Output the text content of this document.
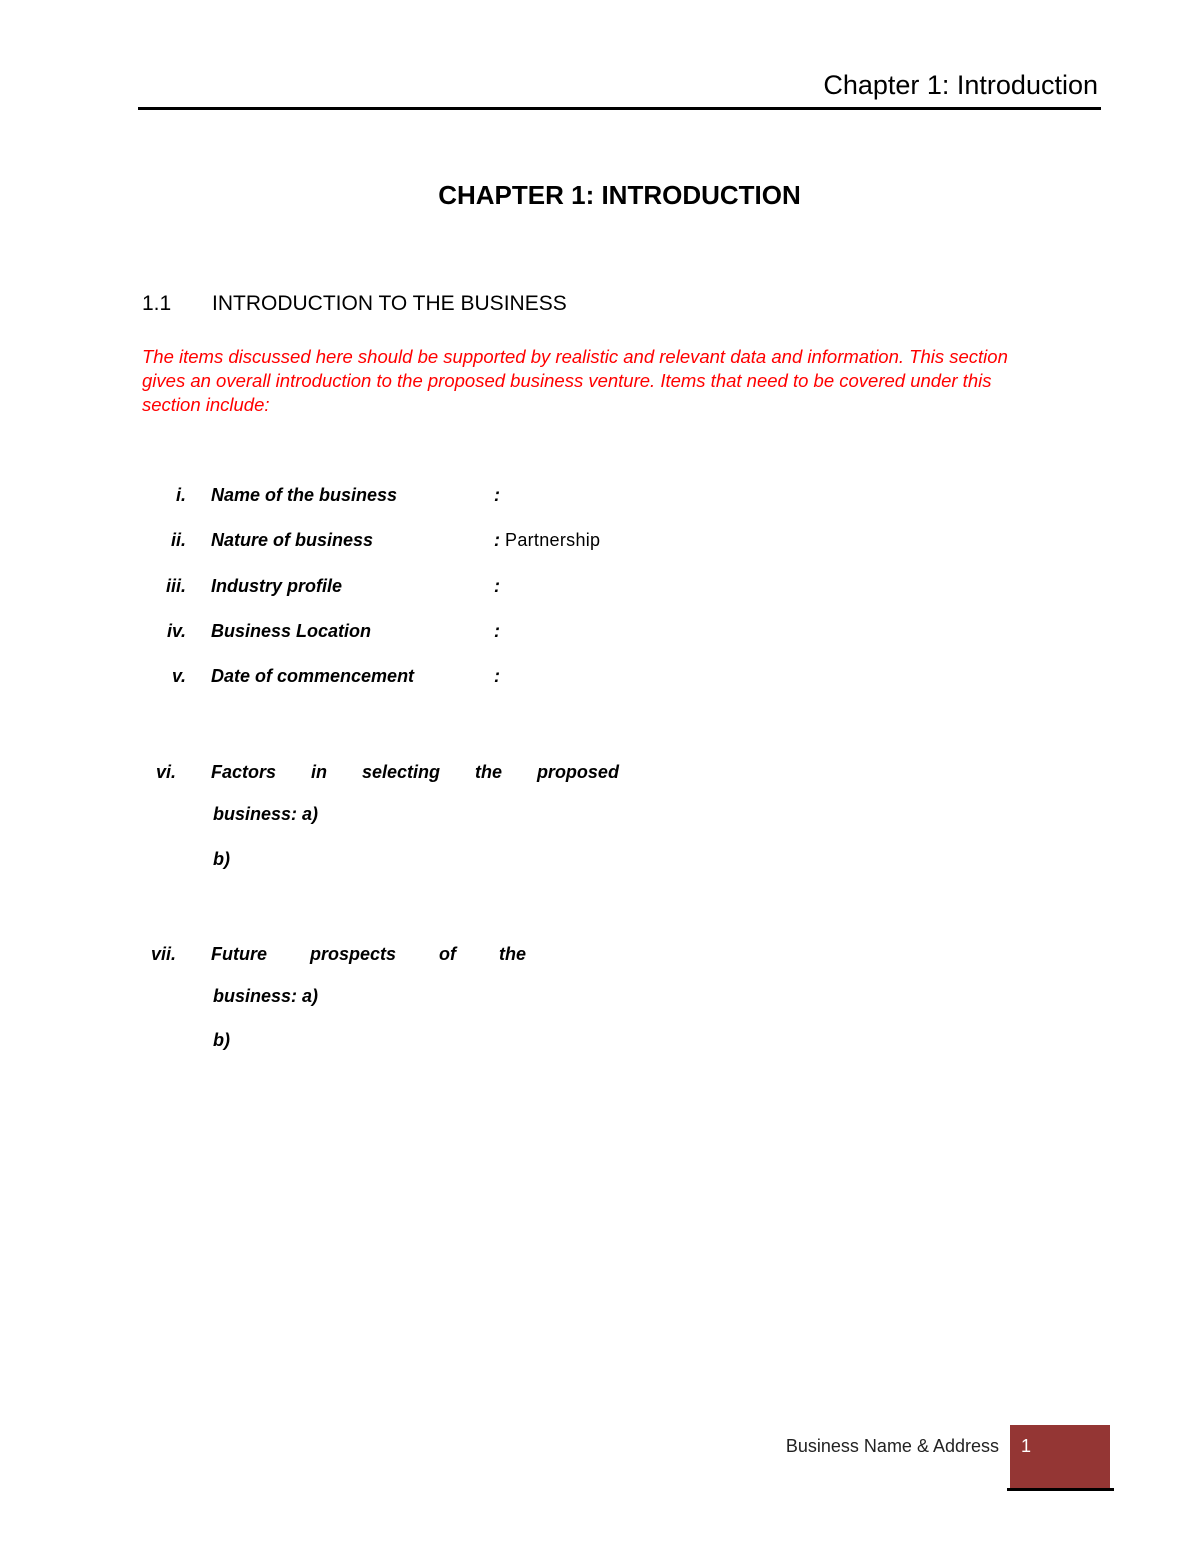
Chapter 1: Introduction
CHAPTER 1: INTRODUCTION
1.1 INTRODUCTION TO THE BUSINESS
The items discussed here should be supported by realistic and relevant data and information. This section gives an overall introduction to the proposed business venture. Items that need to be covered under this section include:
i. Name of the business	:
ii. Nature of business	: Partnership
iii. Industry profile	:
iv. Business Location	:
v. Date of commencement	:
vi. Factors in selecting the proposed
business: a)
b)
vii. Future prospects of the
business: a)
b)
Business Name & Address 1
